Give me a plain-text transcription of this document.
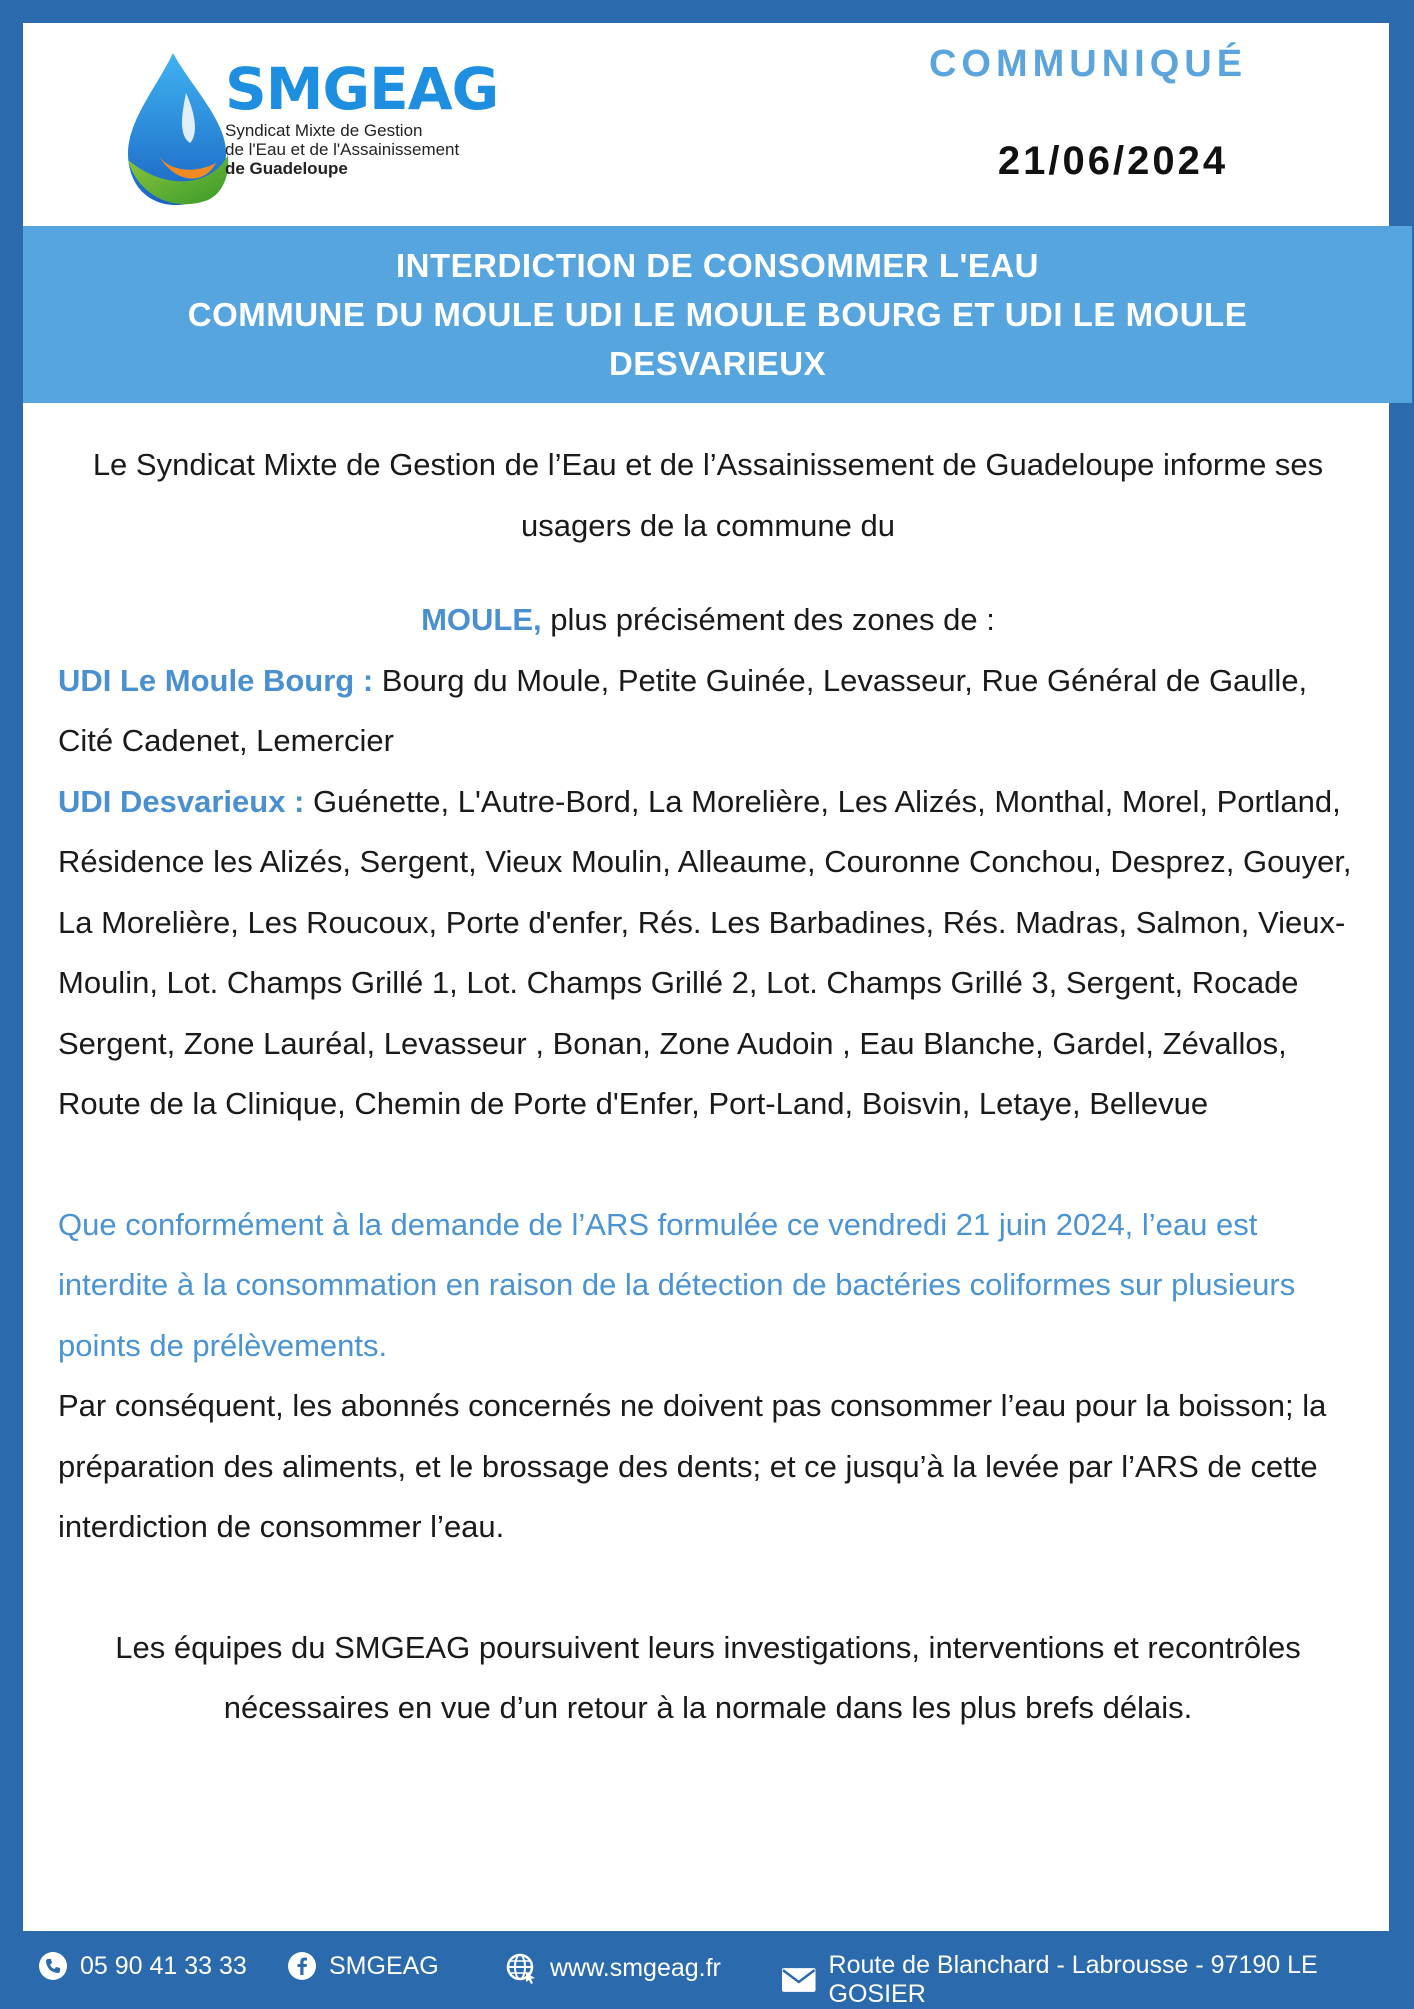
SMGEAG
Syndicat Mixte de Gestion
de l'Eau et de l'Assainissement
de Guadeloupe
COMMUNIQUÉ
21/06/2024
INTERDICTION DE CONSOMMER L'EAU
COMMUNE DU MOULE UDI LE MOULE BOURG ET UDI LE MOULE
DESVARIEUX

Le Syndicat Mixte de Gestion de l’Eau et de l’Assainissement de Guadeloupe informe ses usagers de la commune du

MOULE, plus précisément des zones de :

UDI Le Moule Bourg : Bourg du Moule, Petite Guinée, Levasseur, Rue Général de Gaulle, Cité Cadenet, Lemercier

UDI Desvarieux : Guénette, L'Autre-Bord, La Morelière, Les Alizés, Monthal, Morel, Portland, Résidence les Alizés, Sergent, Vieux Moulin, Alleaume, Couronne Conchou, Desprez, Gouyer, La Morelière, Les Roucoux, Porte d'enfer, Rés. Les Barbadines, Rés. Madras, Salmon, Vieux-Moulin, Lot. Champs Grillé 1, Lot. Champs Grillé 2, Lot. Champs Grillé 3, Sergent, Rocade Sergent, Zone Lauréal, Levasseur , Bonan, Zone Audoin , Eau Blanche, Gardel, Zévallos, Route de la Clinique, Chemin de Porte d'Enfer, Port-Land, Boisvin, Letaye, Bellevue

Que conformément à la demande de l’ARS formulée ce vendredi 21 juin 2024, l’eau est interdite à la consommation en raison de la détection de bactéries coliformes sur plusieurs points de prélèvements.

Par conséquent, les abonnés concernés ne doivent pas consommer l’eau pour la boisson; la préparation des aliments, et le brossage des dents; et ce jusqu’à la levée par l’ARS de cette interdiction de consommer l’eau.

Les équipes du SMGEAG poursuivent leurs investigations, interventions et recontrôles nécessaires en vue d’un retour à la normale dans les plus brefs délais.

05 90 41 33 33	SMGEAG	www.smgeag.fr	Route de Blanchard - Labrousse - 97190 LE GOSIER
